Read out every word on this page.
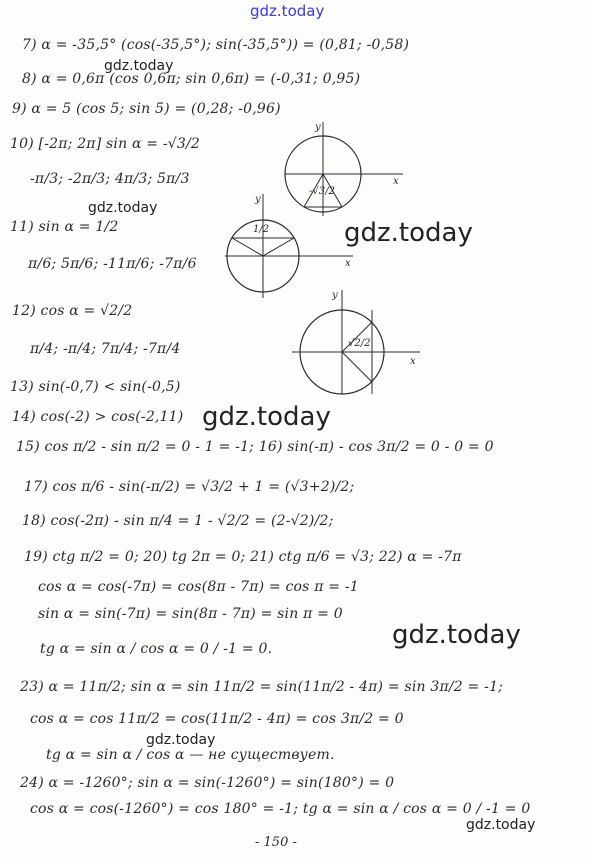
gdz.today
gdz.today
gdz.today
gdz.today
gdz.today
gdz.today
gdz.today
gdz.today
7) α = -35,5° (cos(-35,5°); sin(-35,5°)) = (0,81; -0,58)
8) α = 0,6π (cos 0,6π; sin 0,6π) = (-0,31; 0,95)
9) α = 5 (cos 5; sin 5) = (0,28; -0,96)
10) [-2π; 2π] sin α = -√3/2
-π/3; -2π/3; 4π/3; 5π/3
11) sin α = 1/2
π/6; 5π/6; -11π/6; -7π/6
12) cos α = √2/2
π/4; -π/4; 7π/4; -7π/4
13) sin(-0,7) < sin(-0,5)
14) cos(-2) > cos(-2,11)
15) cos π/2 - sin π/2 = 0 - 1 = -1; 16) sin(-π) - cos 3π/2 = 0 - 0 = 0
17) cos π/6 - sin(-π/2) = √3/2 + 1 = (√3+2)/2;
18) cos(-2π) - sin π/4 = 1 - √2/2 = (2-√2)/2;
19) ctg π/2 = 0; 20) tg 2π = 0; 21) ctg π/6 = √3; 22) α = -7π
cos α = cos(-7π) = cos(8π - 7π) = cos π = -1
sin α = sin(-7π) = sin(8π - 7π) = sin π = 0
tg α = sin α / cos α = 0 / -1 = 0.
23) α = 11π/2; sin α = sin 11π/2 = sin(11π/2 - 4π) = sin 3π/2 = -1;
cos α = cos 11π/2 = cos(11π/2 - 4π) = cos 3π/2 = 0
tg α = sin α / cos α — не существует.
24) α = -1260°; sin α = sin(-1260°) = sin(180°) = 0
cos α = cos(-1260°) = cos 180° = -1; tg α = sin α / cos α = 0 / -1 = 0
x
y
-√3/2
x
y
1/2
x
y
√2/2
- 150 -
